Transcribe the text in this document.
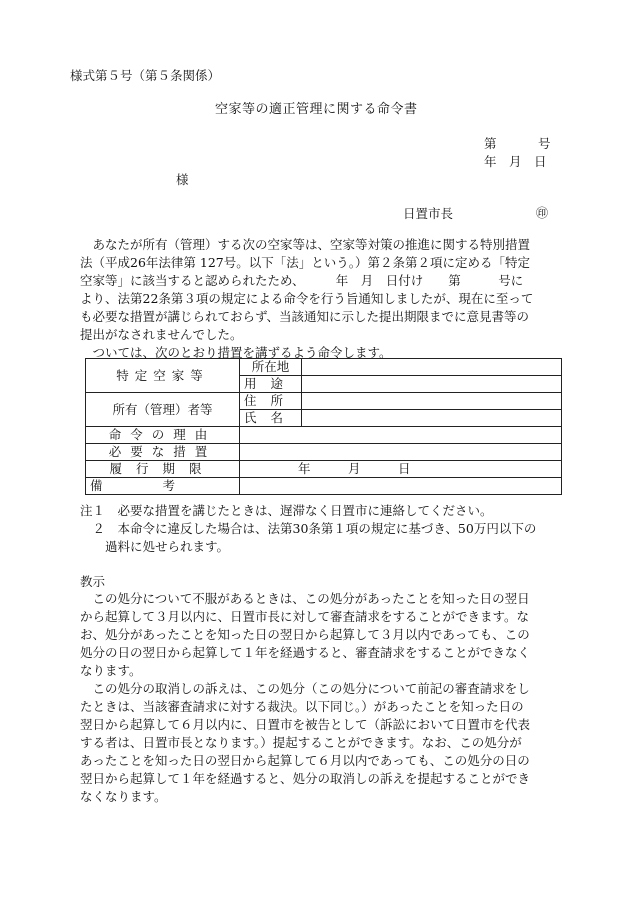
様式第５号（第５条関係）
空家等の適正管理に関する命令書
第	号
年　月　日
様
日置市長	㊞
　あなたが所有（管理）する次の空家等は、空家等対策の推進に関する特別措置
法（平成26年法律第 127号。以下「法」という。）第２条第２項に定める「特定
空家等」に該当すると認められたため、　　　年　月　日付け　　第　　　号に
より、法第22条第３項の規定による命令を行う旨通知しましたが、現在に至って
も必要な措置が講じられておらず、当該通知に示した提出期限までに意見書等の
提出がなされませんでした。
　ついては、次のとおり措置を講ずるよう命令します。
特定空家等	所在地	
	用途	
所有（管理）者等	住所	
	氏名	
命令の理由		
必要な措置		
履行期限	年　　　月　　　日	
備考		
注１　必要な措置を講じたときは、遅滞なく日置市に連絡してください。
　２　本命令に違反した場合は、法第30条第１項の規定に基づき、50万円以下の
　　過料に処せられます。
教示
　この処分について不服があるときは、この処分があったことを知った日の翌日
から起算して３月以内に、日置市長に対して審査請求をすることができます。な
お、処分があったことを知った日の翌日から起算して３月以内であっても、この
処分の日の翌日から起算して１年を経過すると、審査請求をすることができなく
なります。
　この処分の取消しの訴えは、この処分（この処分について前記の審査請求をし
たときは、当該審査請求に対する裁決。以下同じ。）があったことを知った日の
翌日から起算して６月以内に、日置市を被告として（訴訟において日置市を代表
する者は、日置市長となります。）提起することができます。なお、この処分が
あったことを知った日の翌日から起算して６月以内であっても、この処分の日の
翌日から起算して１年を経過すると、処分の取消しの訴えを提起することができ
なくなります。
